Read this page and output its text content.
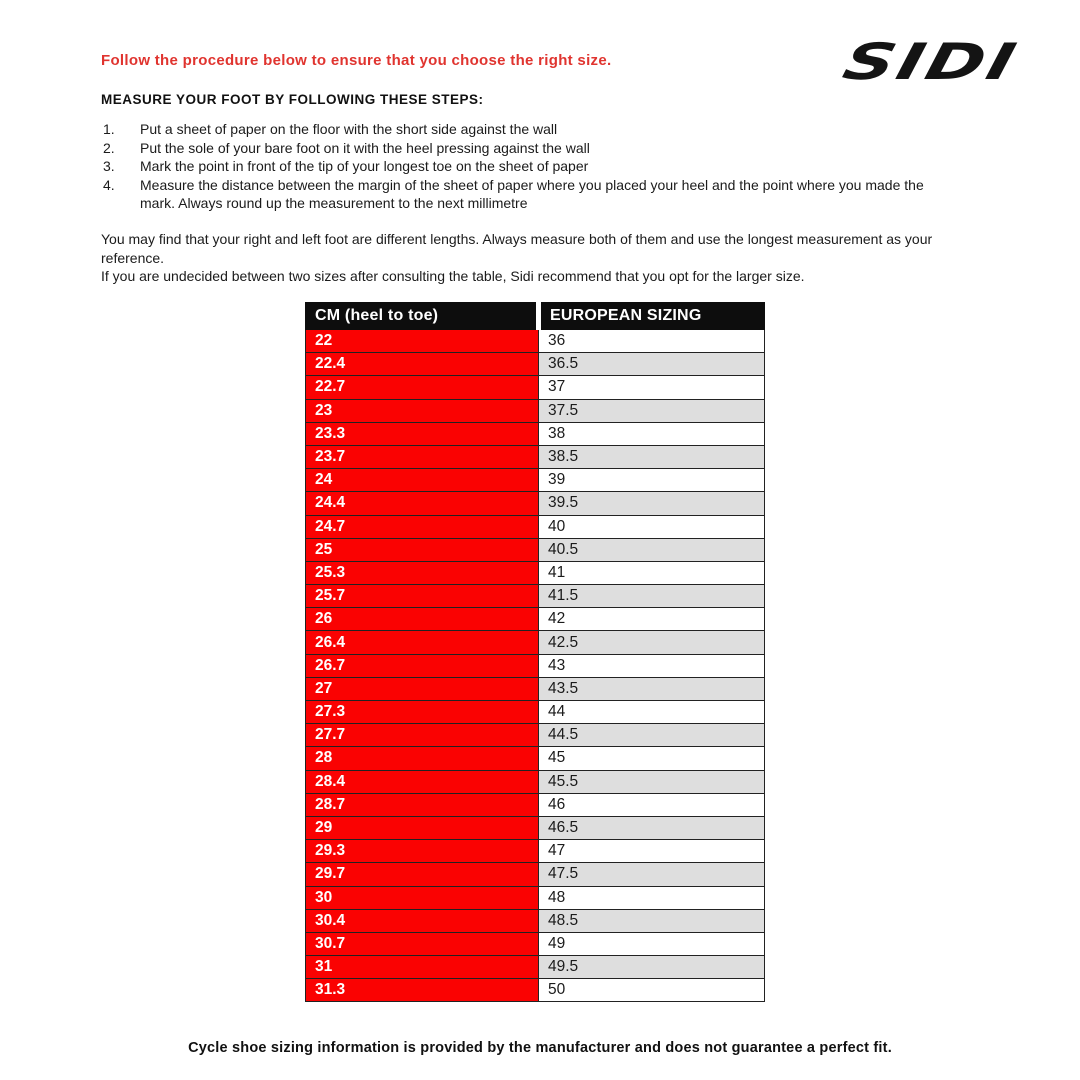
Follow the procedure below to ensure that you choose the right size.	SIDI
MEASURE YOUR FOOT BY FOLLOWING THESE STEPS:
1.	Put a sheet of paper on the floor with the short side against the wall
2.	Put the sole of your bare foot on it with the heel pressing against the wall
3.	Mark the point in front of the tip of your longest toe on the sheet of paper
4.	Measure the distance between the margin of the sheet of paper where you placed your heel and the point where you made the mark. Always round up the measurement to the next millimetre

You may find that your right and left foot are different lengths. Always measure both of them and use the longest measurement as your reference.

If you are undecided between two sizes after consulting the table, Sidi recommend that you opt for the larger size.

CM (heel to toe)	EUROPEAN SIZING
22	36
22.4	36.5
22.7	37
23	37.5
23.3	38
23.7	38.5
24	39
24.4	39.5
24.7	40
25	40.5
25.3	41
25.7	41.5
26	42
26.4	42.5
26.7	43
27	43.5
27.3	44
27.7	44.5
28	45
28.4	45.5
28.7	46
29	46.5
29.3	47
29.7	47.5
30	48
30.4	48.5
30.7	49
31	49.5
31.3	50
Cycle shoe sizing information is provided by the manufacturer and does not guarantee a perfect fit.
